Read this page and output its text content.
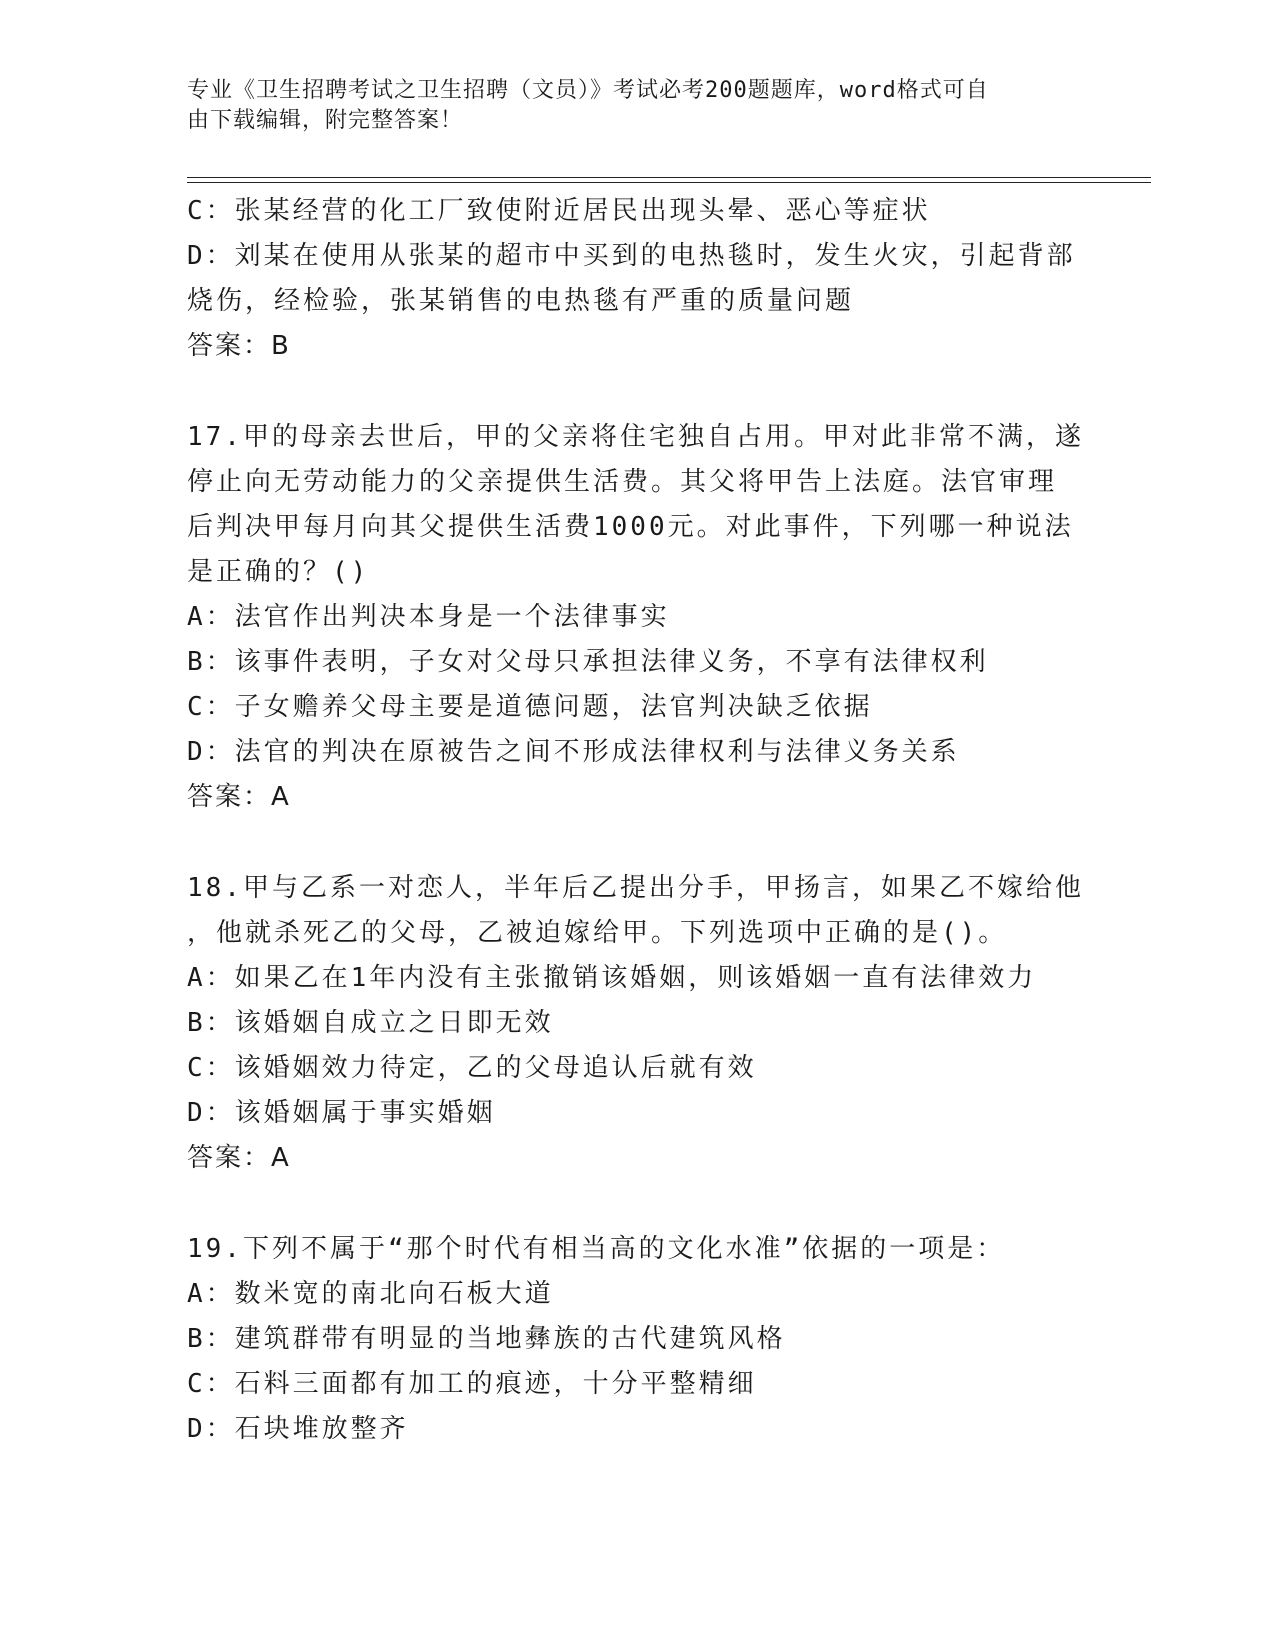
专业《卫生招聘考试之卫生招聘（文员）》考试必考200题题库，word格式可自
由下载编辑，附完整答案！
C：张某经营的化工厂致使附近居民出现头晕、恶心等症状
D：刘某在使用从张某的超市中买到的电热毯时，发生火灾，引起背部
烧伤，经检验，张某销售的电热毯有严重的质量问题
答案：B
17.甲的母亲去世后，甲的父亲将住宅独自占用。甲对此非常不满，遂
停止向无劳动能力的父亲提供生活费。其父将甲告上法庭。法官审理
后判决甲每月向其父提供生活费1000元。对此事件，下列哪一种说法
是正确的？()
A：法官作出判决本身是一个法律事实
B：该事件表明，子女对父母只承担法律义务，不享有法律权利
C：子女赡养父母主要是道德问题，法官判决缺乏依据
D：法官的判决在原被告之间不形成法律权利与法律义务关系
答案：A
18.甲与乙系一对恋人，半年后乙提出分手，甲扬言，如果乙不嫁给他
，他就杀死乙的父母，乙被迫嫁给甲。下列选项中正确的是()。
A：如果乙在1年内没有主张撤销该婚姻，则该婚姻一直有法律效力
B：该婚姻自成立之日即无效
C：该婚姻效力待定，乙的父母追认后就有效
D：该婚姻属于事实婚姻
答案：A
19.下列不属于“那个时代有相当高的文化水准”依据的一项是：
A：数米宽的南北向石板大道
B：建筑群带有明显的当地彝族的古代建筑风格
C：石料三面都有加工的痕迹，十分平整精细
D：石块堆放整齐
